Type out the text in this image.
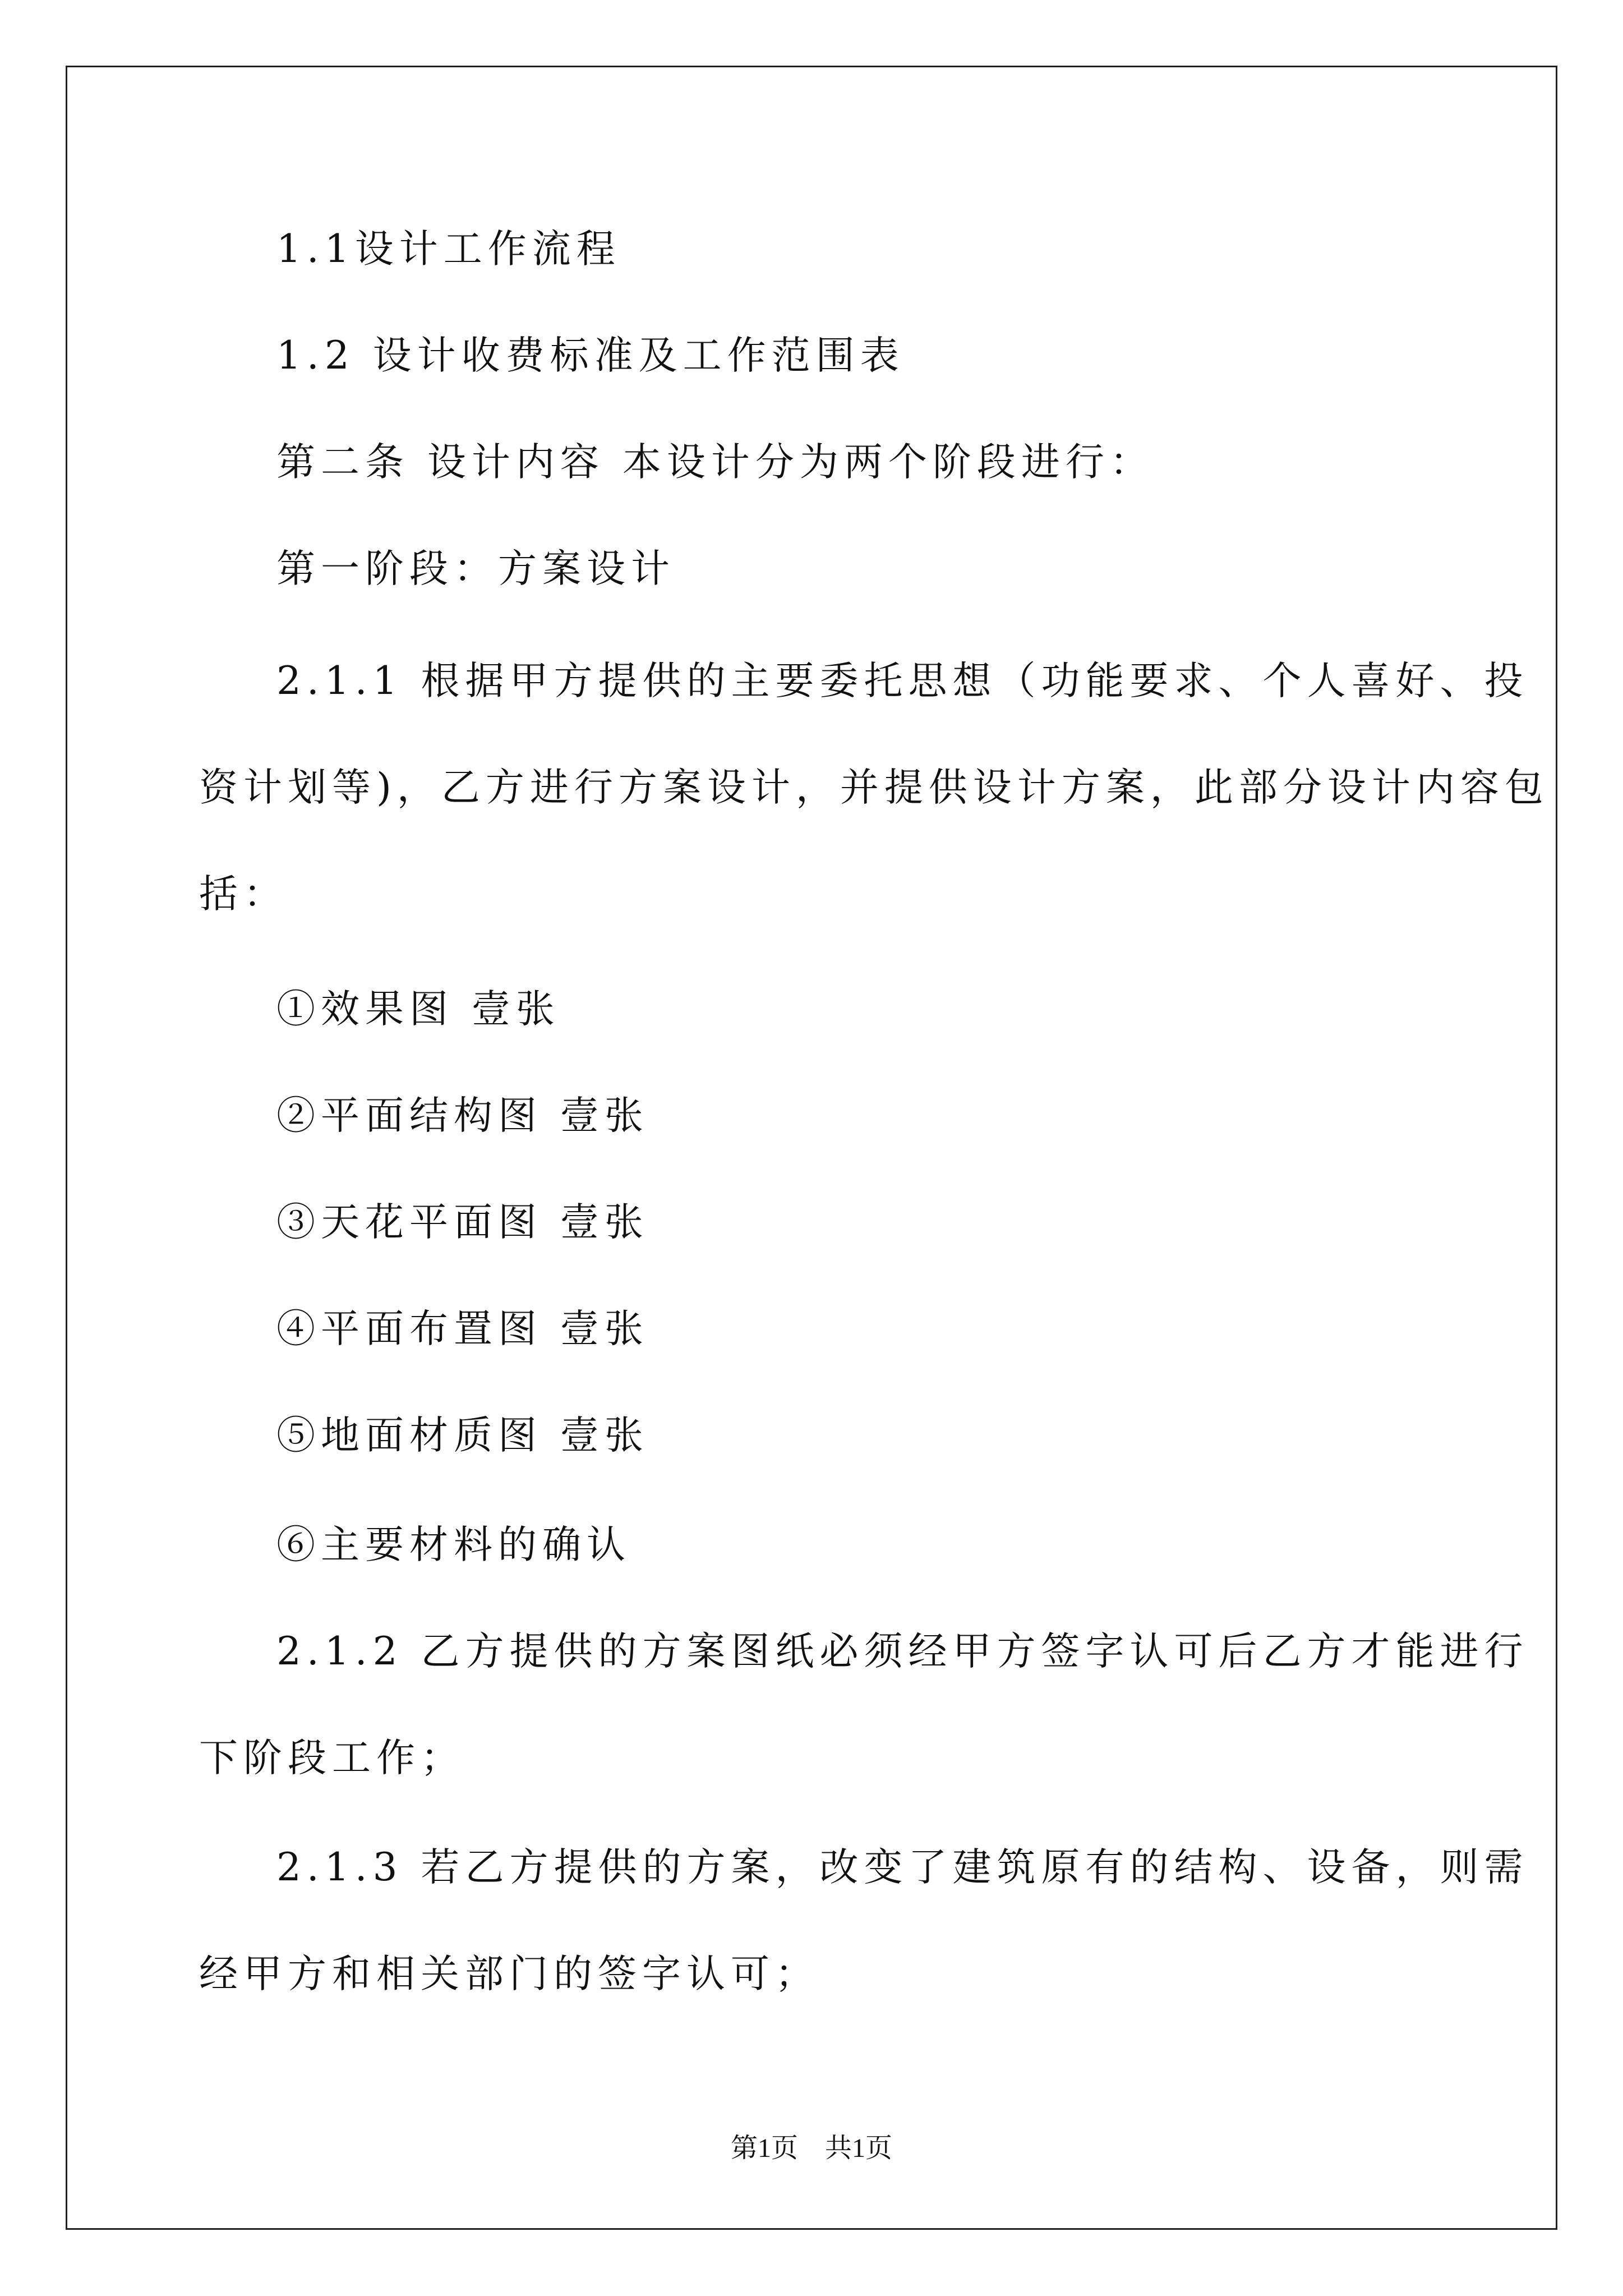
1.1设计工作流程
1.2 设计收费标准及工作范围表
第二条 设计内容 本设计分为两个阶段进行：
第一阶段：方案设计
2.1.1 根据甲方提供的主要委托思想（功能要求、个人喜好、投
资计划等)，乙方进行方案设计，并提供设计方案，此部分设计内容包
括：
①效果图 壹张
②平面结构图 壹张
③天花平面图 壹张
④平面布置图 壹张
⑤地面材质图 壹张
⑥主要材料的确认
2.1.2 乙方提供的方案图纸必须经甲方签字认可后乙方才能进行
下阶段工作；
2.1.3 若乙方提供的方案，改变了建筑原有的结构、设备，则需
经甲方和相关部门的签字认可；
第1页　共1页
